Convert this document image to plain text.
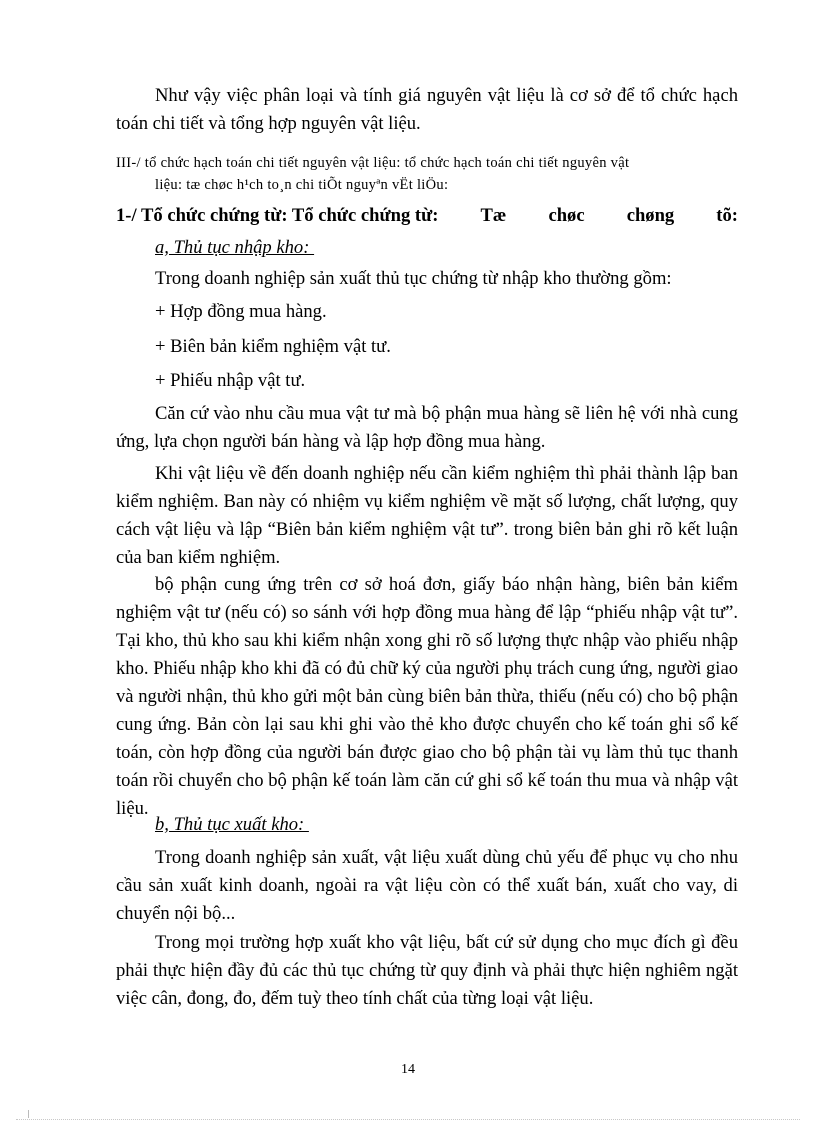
Như vậy việc phân loại và tính giá nguyên vật liệu là cơ sở để tổ chức hạch toán chi tiết và tổng hợp nguyên vật liệu.

III-/ tổ chức hạch toán chi tiết nguyên vật liệu: tổ chức hạch toán chi tiết nguyên vật
liệu: tæ chøc h¹ch to¸n chi tiÕt nguyªn vËt liÖu:

1-/ Tổ chức chứng từ: Tổ chức chứng từ: Tæ chøc chøng tõ:

a, Thủ tục nhập kho:

Trong doanh nghiệp sản xuất thủ tục chứng từ nhập kho thường gồm:

+ Hợp đồng mua hàng.

+ Biên bản kiểm nghiệm vật tư.

+ Phiếu nhập vật tư.

Căn cứ vào nhu cầu mua vật tư mà bộ phận mua hàng sẽ liên hệ với nhà cung ứng, lựa chọn người bán hàng và lập hợp đồng mua hàng.

Khi vật liệu về đến doanh nghiệp nếu cần kiểm nghiệm thì phải thành lập ban kiểm nghiệm. Ban này có nhiệm vụ kiểm nghiệm về mặt số lượng, chất lượng, quy cách vật liệu và lập “Biên bản kiểm nghiệm vật tư”. trong biên bản ghi rõ kết luận của ban kiểm nghiệm.

bộ phận cung ứng trên cơ sở hoá đơn, giấy báo nhận hàng, biên bản kiểm nghiệm vật tư (nếu có) so sánh với hợp đồng mua hàng để lập “phiếu nhập vật tư”. Tại kho, thủ kho sau khi kiểm nhận xong ghi rõ số lượng thực nhập vào phiếu nhập kho. Phiếu nhập kho khi đã có đủ chữ ký của người phụ trách cung ứng, người giao và người nhận, thủ kho gửi một bản cùng biên bản thừa, thiếu (nếu có) cho bộ phận cung ứng. Bản còn lại sau khi ghi vào thẻ kho được chuyển cho kế toán ghi sổ kế toán, còn hợp đồng của người bán được giao cho bộ phận tài vụ làm thủ tục thanh toán rồi chuyển cho bộ phận kế toán làm căn cứ ghi sổ kế toán thu mua và nhập vật liệu.

b, Thủ tục xuất kho:

Trong doanh nghiệp sản xuất, vật liệu xuất dùng chủ yếu để phục vụ cho nhu cầu sản xuất kinh doanh, ngoài ra vật liệu còn có thể xuất bán, xuất cho vay, di chuyển nội bộ...

Trong mọi trường hợp xuất kho vật liệu, bất cứ sử dụng cho mục đích gì đều phải thực hiện đầy đủ các thủ tục chứng từ quy định và phải thực hiện nghiêm ngặt việc cân, đong, đo, đếm tuỳ theo tính chất của từng loại vật liệu.

14
